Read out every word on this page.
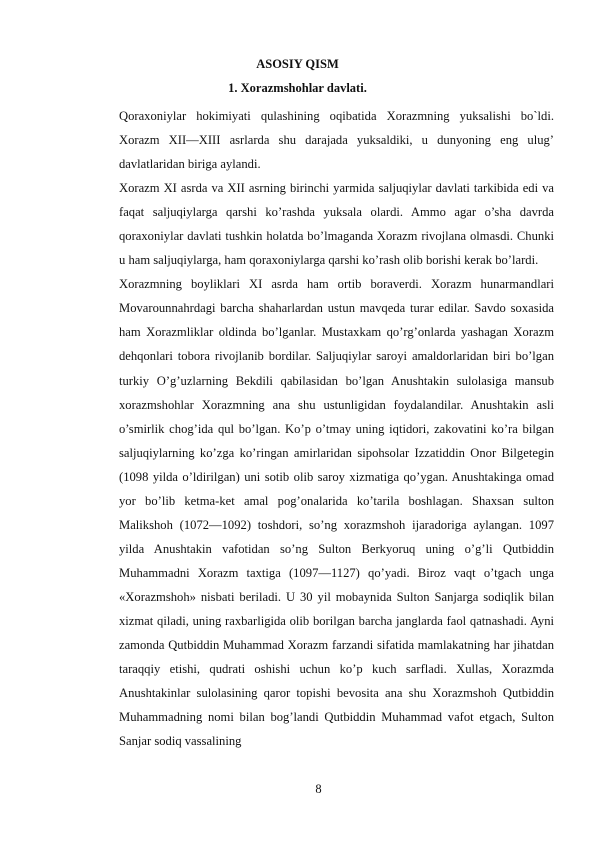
ASOSIY QISM
1. Xorazmshohlar davlati.

Qoraxoniylar hokimiyati qulashining oqibatida Xorazmning yuksalishi bo`ldi. Xorazm XII—XIII asrlarda shu darajada yuksaldiki, u dunyoning eng ulug’ davlatlaridan biriga aylandi.

Xorazm XI asrda va XII asrning birinchi yarmida saljuqiylar davlati tarkibida edi va faqat saljuqiylarga qarshi ko’rashda yuksala olardi. Ammo agar o’sha davrda qoraxoniylar davlati tushkin holatda bo’lmaganda Xorazm rivojlana olmasdi. Chunki u ham saljuqiylarga, ham qoraxoniylarga qarshi ko’rash olib borishi kerak bo’lardi.

Xorazmning boyliklari XI asrda ham ortib boraverdi. Xorazm hunarmandlari Movarounnahrdagi barcha shaharlardan ustun mavqeda turar edilar. Savdo soxasida ham Xorazmliklar oldinda bo’lganlar. Mustaxkam qo’rg’onlarda yashagan Xorazm dehqonlari tobora rivojlanib bordilar. Saljuqiylar saroyi amaldorlaridan biri bo’lgan turkiy O’g’uzlarning Bekdili qabilasidan bo’lgan Anushtakin sulolasiga mansub xorazmshohlar Xorazmning ana shu ustunligidan foydalandilar. Anushtakin asli o’smirlik chog’ida qul bo’lgan. Ko’p o’tmay uning iqtidori, zakovatini ko’ra bilgan saljuqiylarning ko’zga ko’ringan amirlaridan sipohsolar Izzatiddin Onor Bilgetegin (1098 yilda o’ldirilgan) uni sotib olib saroy xizmatiga qo’ygan. Anushtakinga omad yor bo’lib ketma-ket amal pog’onalarida ko’tarila boshlagan. Shaxsan sulton Malikshoh (1072—1092) toshdori, so’ng xorazmshoh ijaradoriga aylangan. 1097 yilda Anushtakin vafotidan so’ng Sulton Berkyoruq uning o’g’li Qutbiddin Muhammadni Xorazm taxtiga (1097—1127) qo’yadi. Biroz vaqt o’tgach unga «Xorazmshoh» nisbati beriladi. U 30 yil mobaynida Sulton Sanjarga sodiqlik bilan xizmat qiladi, uning raxbarligida olib borilgan barcha janglarda faol qatnashadi. Ayni zamonda Qutbiddin Muhammad Xorazm farzandi sifatida mamlakatning har jihatdan taraqqiy etishi, qudrati oshishi uchun ko’p kuch sarfladi. Xullas, Xorazmda Anushtakinlar sulolasining qaror topishi bevosita ana shu Xorazmshoh Qutbiddin Muhammadning nomi bilan bog’landi Qutbiddin Muhammad vafot etgach, Sulton Sanjar sodiq vassalining

8
